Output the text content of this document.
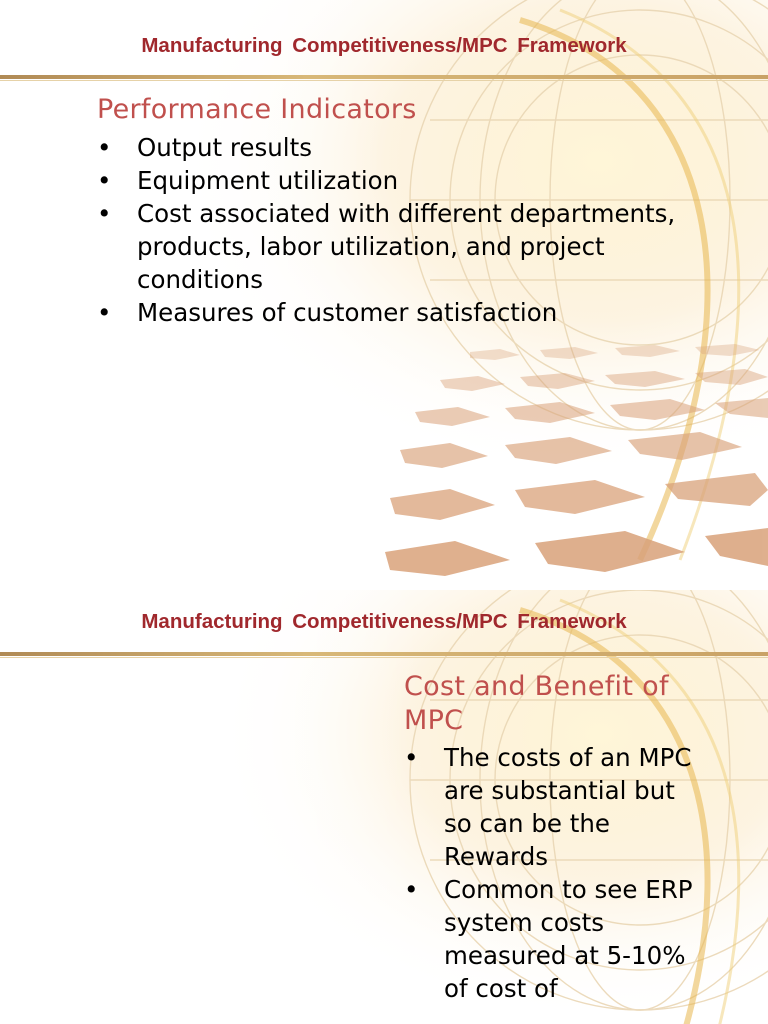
Manufacturing Competitiveness/MPC Framework
Performance Indicators
• Output results
• Equipment utilization
• Cost associated with different departments, products, labor utilization, and project conditions
• Measures of customer satisfaction
Manufacturing Competitiveness/MPC Framework
Cost and Benefit of MPC
• The costs of an MPC are substantial but so can be the Rewards
• Common to see ERP system costs measured at 5-10% of cost of
